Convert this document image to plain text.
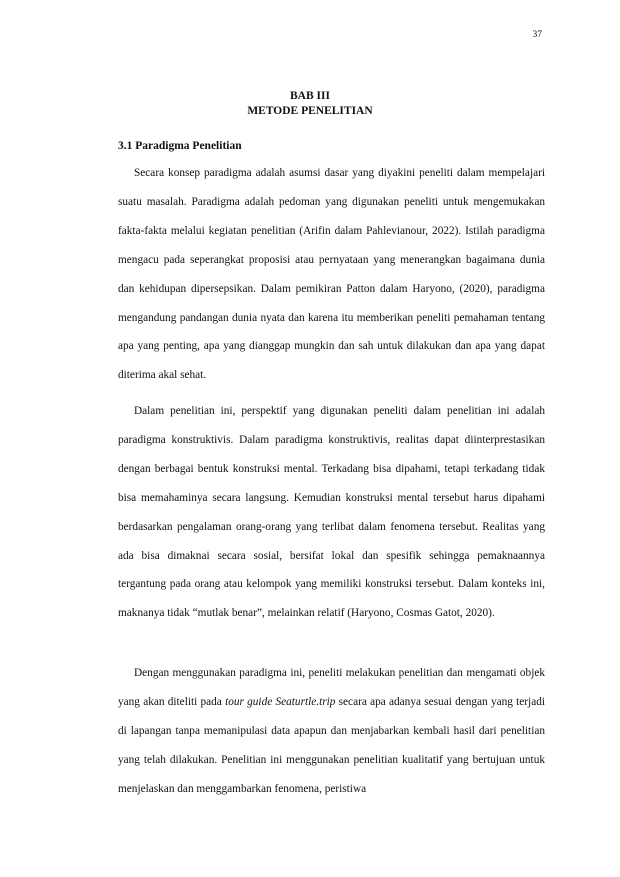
37
BAB III
METODE PENELITIAN
3.1 Paradigma Penelitian

Secara konsep paradigma adalah asumsi dasar yang diyakini peneliti dalam mempelajari suatu masalah. Paradigma adalah pedoman yang digunakan peneliti untuk mengemukakan fakta-fakta melalui kegiatan penelitian (Arifin dalam Pahlevianour, 2022). Istilah paradigma mengacu pada seperangkat proposisi atau pernyataan yang menerangkan bagaimana dunia dan kehidupan dipersepsikan. Dalam pemikiran Patton dalam Haryono, (2020), paradigma mengandung pandangan dunia nyata dan karena itu memberikan peneliti pemahaman tentang apa yang penting, apa yang dianggap mungkin dan sah untuk dilakukan dan apa yang dapat diterima akal sehat.

Dalam penelitian ini, perspektif yang digunakan peneliti dalam penelitian ini adalah paradigma konstruktivis. Dalam paradigma konstruktivis, realitas dapat diinterprestasikan dengan berbagai bentuk konstruksi mental. Terkadang bisa dipahami, tetapi terkadang tidak bisa memahaminya secara langsung. Kemudian konstruksi mental tersebut harus dipahami berdasarkan pengalaman orang-orang yang terlibat dalam fenomena tersebut. Realitas yang ada bisa dimaknai secara sosial, bersifat lokal dan spesifik sehingga pemaknaannya tergantung pada orang atau kelompok yang memiliki konstruksi tersebut. Dalam konteks ini, maknanya tidak “mutlak benar”, melainkan relatif (Haryono, Cosmas Gatot, 2020).

Dengan menggunakan paradigma ini, peneliti melakukan penelitian dan mengamati objek yang akan diteliti pada tour guide Seaturtle.trip secara apa adanya sesuai dengan yang terjadi di lapangan tanpa memanipulasi data apapun dan menjabarkan kembali hasil dari penelitian yang telah dilakukan. Penelitian ini menggunakan penelitian kualitatif yang bertujuan untuk menjelaskan dan menggambarkan fenomena, peristiwa
